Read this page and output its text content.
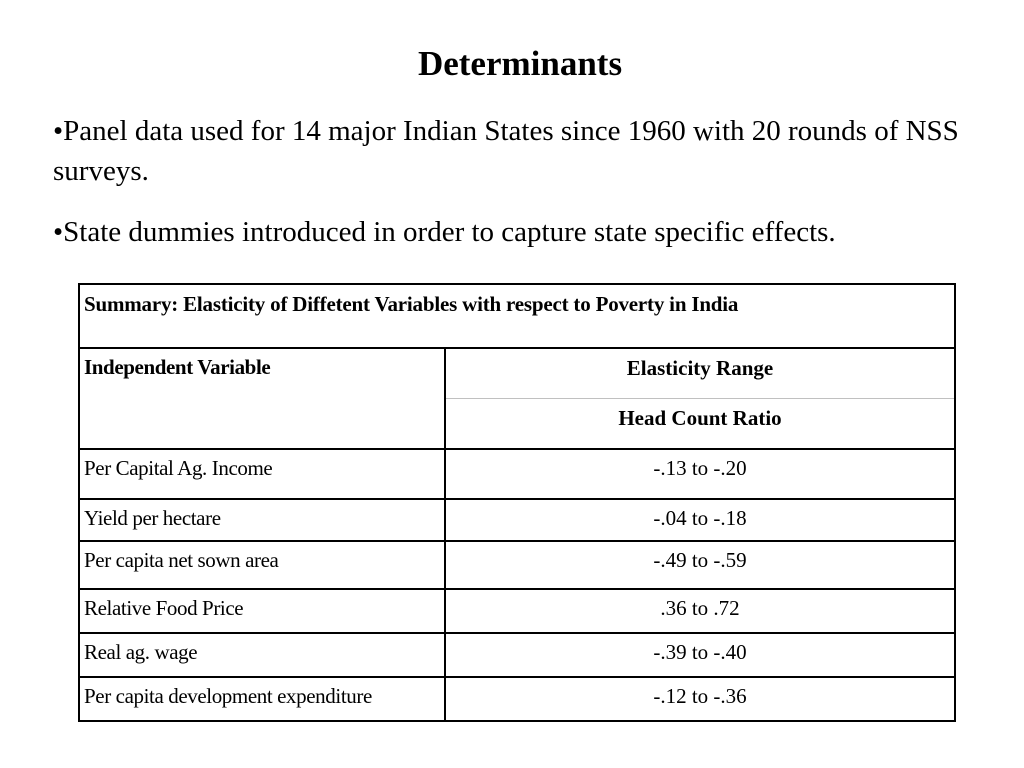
Determinants
•Panel data used for 14 major Indian States since 1960 with 20 rounds of NSS surveys.
•State dummies introduced in order to capture state specific effects.
Summary: Elasticity of Diffetent Variables with respect to Poverty in India	
Independent Variable	Elasticity Range
	Head Count Ratio
Per Capital Ag. Income	-.13 to -.20
Yield per hectare	-.04 to -.18
Per capita net sown area	-.49 to -.59
Relative Food Price	.36 to .72
Real ag. wage	-.39 to -.40
Per capita development expenditure	-.12 to -.36
